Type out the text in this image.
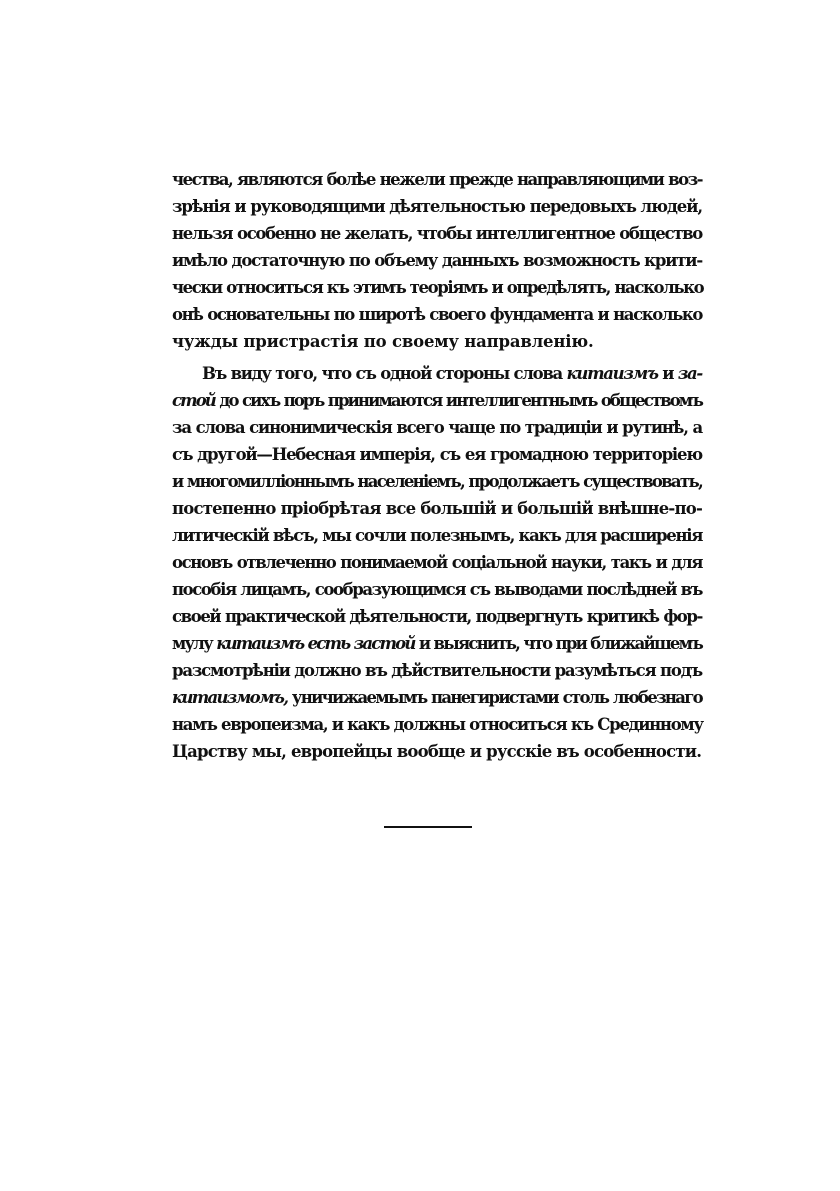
чества, являются болѣе нежели прежде направляющими воз-
зрѣнія и руководящими дѣятельностью передовыхъ людей,
нельзя особенно не желать, чтобы интеллигентное общество
имѣло достаточную по объему данныхъ возможность крити-
чески относиться къ этимъ теоріямъ и опредѣлять, насколько
онѣ основательны по широтѣ своего фундамента и насколько
чужды пристрастія по своему направленію.
Въ виду того, что съ одной стороны слова китаизмъ и за-
стой до сихъ поръ принимаются интеллигентнымъ обществомъ
за слова синонимическія всего чаще по традиціи и рутинѣ, а
съ другой—Небесная имперія, съ ея громадною территоріею
и многомилліоннымъ населеніемъ, продолжаетъ существовать,
постепенно пріобрѣтая все большій и большій внѣшне-по-
литическій вѣсъ, мы сочли полезнымъ, какъ для расширенія
основъ отвлеченно понимаемой соціальной науки, такъ и для
пособія лицамъ, сообразующимся съ выводами послѣдней въ
своей практической дѣятельности, подвергнуть критикѣ фор-
мулу китаизмъ есть застой и выяснить, что при ближайшемъ
разсмотрѣніи должно въ дѣйствительности разумѣться подъ
китаизмомъ, уничижаемымъ панегиристами столь любезнаго
намъ европеизма, и какъ должны относиться къ Срединному
Царству мы, европейцы вообще и русскіе въ особенности.
